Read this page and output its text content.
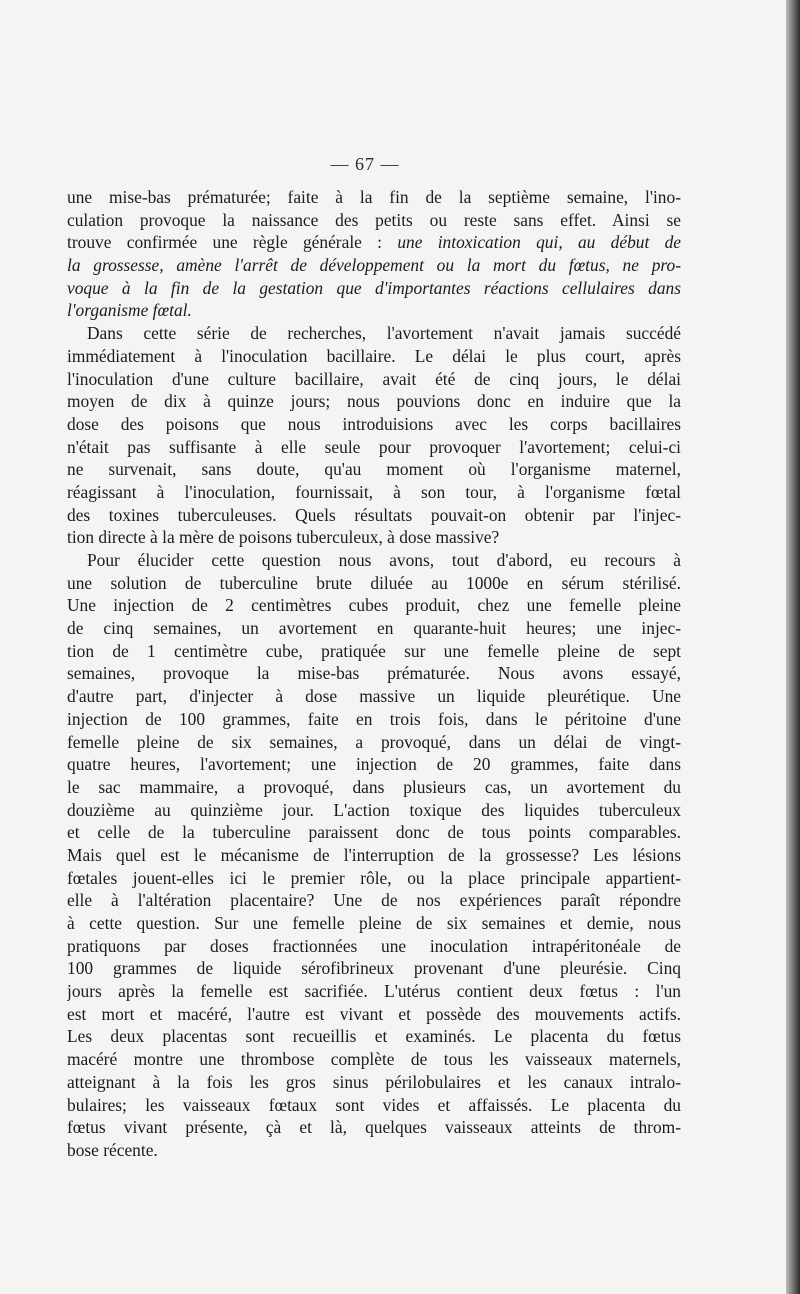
— 67 —
une mise-bas prématurée; faite à la fin de la septième semaine, l'ino-
culation provoque la naissance des petits ou reste sans effet. Ainsi se
trouve confirmée une règle générale : une intoxication qui, au début de
la grossesse, amène l'arrêt de développement ou la mort du fœtus, ne pro-
voque à la fin de la gestation que d'importantes réactions cellulaires dans
l'organisme fœtal.
Dans cette série de recherches, l'avortement n'avait jamais succédé
immédiatement à l'inoculation bacillaire. Le délai le plus court, après
l'inoculation d'une culture bacillaire, avait été de cinq jours, le délai
moyen de dix à quinze jours; nous pouvions donc en induire que la
dose des poisons que nous introduisions avec les corps bacillaires
n'était pas suffisante à elle seule pour provoquer l'avortement; celui-ci
ne survenait, sans doute, qu'au moment où l'organisme maternel,
réagissant à l'inoculation, fournissait, à son tour, à l'organisme fœtal
des toxines tuberculeuses. Quels résultats pouvait-on obtenir par l'injec-
tion directe à la mère de poisons tuberculeux, à dose massive?
Pour élucider cette question nous avons, tout d'abord, eu recours à
une solution de tuberculine brute diluée au 1000e en sérum stérilisé.
Une injection de 2 centimètres cubes produit, chez une femelle pleine
de cinq semaines, un avortement en quarante-huit heures; une injec-
tion de 1 centimètre cube, pratiquée sur une femelle pleine de sept
semaines, provoque la mise-bas prématurée. Nous avons essayé,
d'autre part, d'injecter à dose massive un liquide pleurétique. Une
injection de 100 grammes, faite en trois fois, dans le péritoine d'une
femelle pleine de six semaines, a provoqué, dans un délai de vingt-
quatre heures, l'avortement; une injection de 20 grammes, faite dans
le sac mammaire, a provoqué, dans plusieurs cas, un avortement du
douzième au quinzième jour. L'action toxique des liquides tuberculeux
et celle de la tuberculine paraissent donc de tous points comparables.
Mais quel est le mécanisme de l'interruption de la grossesse? Les lésions
fœtales jouent-elles ici le premier rôle, ou la place principale appartient-
elle à l'altération placentaire? Une de nos expériences paraît répondre
à cette question. Sur une femelle pleine de six semaines et demie, nous
pratiquons par doses fractionnées une inoculation intrapéritonéale de
100 grammes de liquide sérofibrineux provenant d'une pleurésie. Cinq
jours après la femelle est sacrifiée. L'utérus contient deux fœtus : l'un
est mort et macéré, l'autre est vivant et possède des mouvements actifs.
Les deux placentas sont recueillis et examinés. Le placenta du fœtus
macéré montre une thrombose complète de tous les vaisseaux maternels,
atteignant à la fois les gros sinus périlobulaires et les canaux intralo-
bulaires; les vaisseaux fœtaux sont vides et affaissés. Le placenta du
fœtus vivant présente, çà et là, quelques vaisseaux atteints de throm-
bose récente.
